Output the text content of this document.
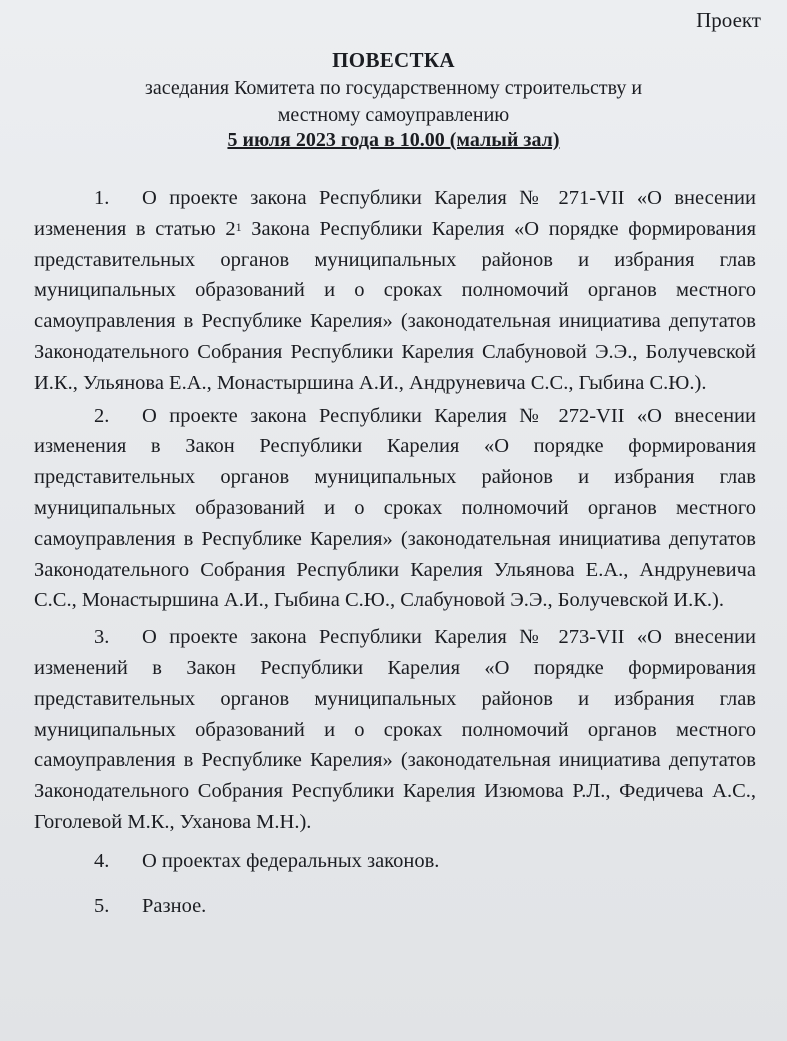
Проект
ПОВЕСТКА
заседания Комитета по государственному строительству и
местному самоуправлению
5 июля 2023 года в 10.00 (малый зал)

1. О проекте закона Республики Карелия № 271-VII «О внесении изменения в статью $2^1$ Закона Республики Карелия «О порядке формирования представительных органов муниципальных районов и избрания глав муниципальных образований и о сроках полномочий органов местного самоуправления в Республике Карелия» (законодательная инициатива депутатов Законодательного Собрания Республики Карелия Слабуновой Э.Э., Болучевской И.К., Ульянова Е.А., Монастыршина А.И., Андруневича С.С., Гыбина С.Ю.).

2. О проекте закона Республики Карелия № 272-VII «О внесении изменения в Закон Республики Карелия «О порядке формирования представительных органов муниципальных районов и избрания глав муниципальных образований и о сроках полномочий органов местного самоуправления в Республике Карелия» (законодательная инициатива депутатов Законодательного Собрания Республики Карелия Ульянова Е.А., Андруневича С.С., Монастыршина А.И., Гыбина С.Ю., Слабуновой Э.Э., Болучевской И.К.).

3. О проекте закона Республики Карелия № 273-VII «О внесении изменений в Закон Республики Карелия «О порядке формирования представительных органов муниципальных районов и избрания глав муниципальных образований и о сроках полномочий органов местного самоуправления в Республике Карелия» (законодательная инициатива депутатов Законодательного Собрания Республики Карелия Изюмова Р.Л., Федичева А.С., Гоголевой М.К., Уханова М.Н.).

4. О проектах федеральных законов.

5. Разное.
